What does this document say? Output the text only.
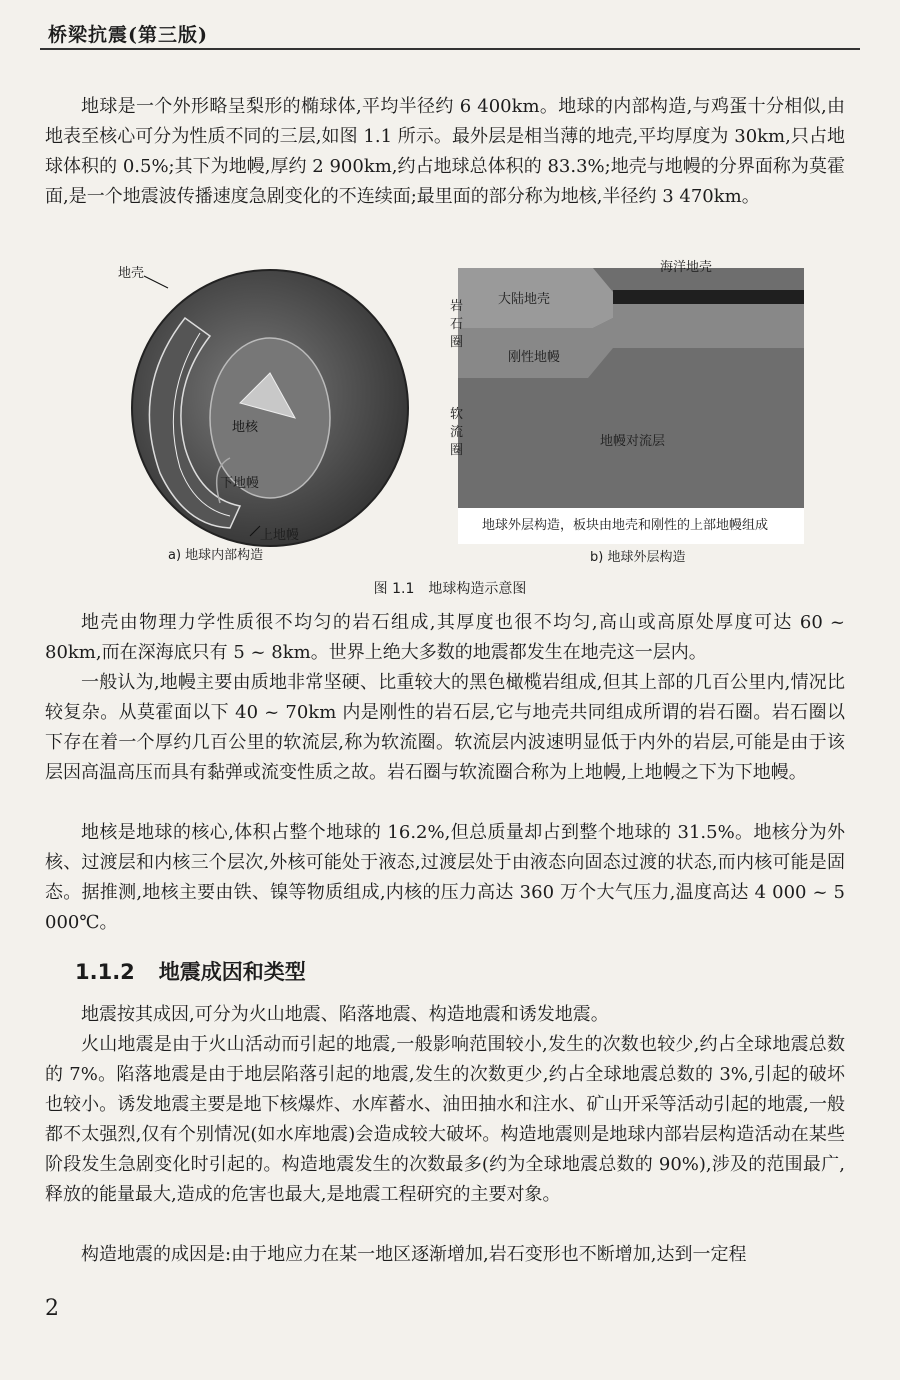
桥梁抗震(第三版)

地球是一个外形略呈梨形的椭球体,平均半径约 6 400km。地球的内部构造,与鸡蛋十分相似,由地表至核心可分为性质不同的三层,如图 1.1 所示。最外层是相当薄的地壳,平均厚度为 30km,只占地球体积的 0.5%;其下为地幔,厚约 2 900km,约占地球总体积的 83.3%;地壳与地幔的分界面称为莫霍面,是一个地震波传播速度急剧变化的不连续面;最里面的部分称为地核,半径约 3 470km。

地壳
地核
下地幔
上地幔
a) 地球内部构造
海洋地壳
大陆地壳
刚性地幔
地幔对流层
地球外层构造，板块由地壳和刚性的上部地幔组成
岩
石
圈
软
流
圈
b) 地球外层构造
图 1.1　地球构造示意图

地壳由物理力学性质很不均匀的岩石组成,其厚度也很不均匀,高山或高原处厚度可达 60 ~ 80km,而在深海底只有 5 ~ 8km。世界上绝大多数的地震都发生在地壳这一层内。

一般认为,地幔主要由质地非常坚硬、比重较大的黑色橄榄岩组成,但其上部的几百公里内,情况比较复杂。从莫霍面以下 40 ~ 70km 内是刚性的岩石层,它与地壳共同组成所谓的岩石圈。岩石圈以下存在着一个厚约几百公里的软流层,称为软流圈。软流层内波速明显低于内外的岩层,可能是由于该层因高温高压而具有黏弹或流变性质之故。岩石圈与软流圈合称为上地幔,上地幔之下为下地幔。

地核是地球的核心,体积占整个地球的 16.2%,但总质量却占到整个地球的 31.5%。地核分为外核、过渡层和内核三个层次,外核可能处于液态,过渡层处于由液态向固态过渡的状态,而内核可能是固态。据推测,地核主要由铁、镍等物质组成,内核的压力高达 360 万个大气压力,温度高达 4 000 ~ 5 000℃。

1.1.2 地震成因和类型

地震按其成因,可分为火山地震、陷落地震、构造地震和诱发地震。

火山地震是由于火山活动而引起的地震,一般影响范围较小,发生的次数也较少,约占全球地震总数的 7%。陷落地震是由于地层陷落引起的地震,发生的次数更少,约占全球地震总数的 3%,引起的破坏也较小。诱发地震主要是地下核爆炸、水库蓄水、油田抽水和注水、矿山开采等活动引起的地震,一般都不太强烈,仅有个别情况(如水库地震)会造成较大破坏。构造地震则是地球内部岩层构造活动在某些阶段发生急剧变化时引起的。构造地震发生的次数最多(约为全球地震总数的 90%),涉及的范围最广,释放的能量最大,造成的危害也最大,是地震工程研究的主要对象。

构造地震的成因是:由于地应力在某一地区逐渐增加,岩石变形也不断增加,达到一定程

2
